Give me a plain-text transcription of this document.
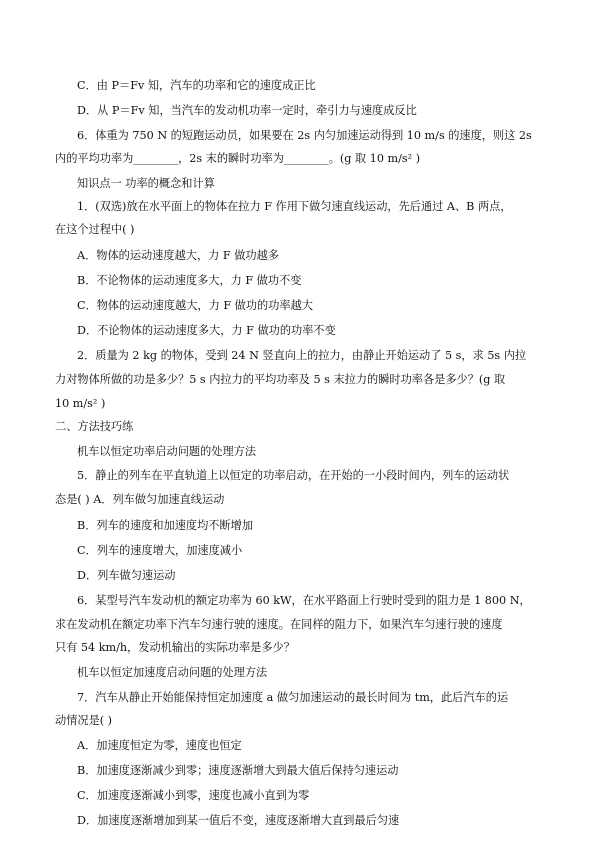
C．由 P＝Fv 知，汽车的功率和它的速度成正比
D．从 P＝Fv 知，当汽车的发动机功率一定时，牵引力与速度成反比
6．体重为 750 N 的短跑运动员，如果要在 2s 内匀加速运动得到 10 m/s 的速度，则这 2s
内的平均功率为________，2s 末的瞬时功率为________。(g 取 10 m/s² )
知识点一 功率的概念和计算
1．(双选)放在水平面上的物体在拉力 F 作用下做匀速直线运动，先后通过 A、B 两点，
在这个过程中( )
A．物体的运动速度越大，力 F 做功越多
B．不论物体的运动速度多大，力 F 做功不变
C．物体的运动速度越大，力 F 做功的功率越大
D．不论物体的运动速度多大，力 F 做功的功率不变
2．质量为 2 kg 的物体，受到 24 N 竖直向上的拉力，由静止开始运动了 5 s，求 5s 内拉
力对物体所做的功是多少？5 s 内拉力的平均功率及 5 s 末拉力的瞬时功率各是多少？(g 取
10 m/s² )
二、方法技巧练
机车以恒定功率启动问题的处理方法
5．静止的列车在平直轨道上以恒定的功率启动，在开始的一小段时间内，列车的运动状
态是( ) A．列车做匀加速直线运动
B．列车的速度和加速度均不断增加
C．列车的速度增大，加速度减小
D．列车做匀速运动
6．某型号汽车发动机的额定功率为 60 kW，在水平路面上行驶时受到的阻力是 1 800 N，
求在发动机在额定功率下汽车匀速行驶的速度。在同样的阻力下，如果汽车匀速行驶的速度
只有 54 km/h，发动机输出的实际功率是多少？
机车以恒定加速度启动问题的处理方法
7．汽车从静止开始能保持恒定加速度 a 做匀加速运动的最长时间为 tm，此后汽车的运
动情况是( )
A．加速度恒定为零，速度也恒定
B．加速度逐渐减少到零；速度逐渐增大到最大值后保持匀速运动
C．加速度逐渐减小到零，速度也减小直到为零
D．加速度逐渐增加到某一值后不变，速度逐渐增大直到最后匀速
